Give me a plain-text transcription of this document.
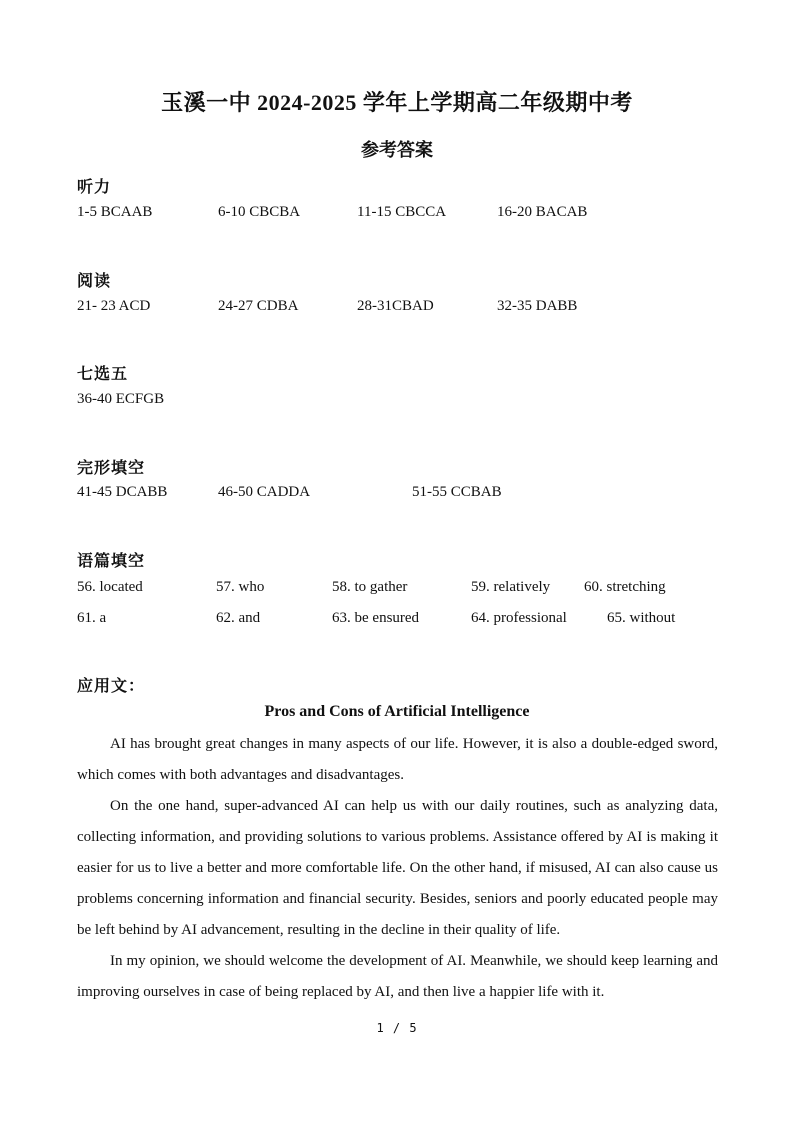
玉溪一中 2024-2025 学年上学期高二年级期中考
参考答案
听力
1-5 BCAAB	6-10 CBCBA	11-15 CBCCA	16-20 BACAB
阅读
21- 23 ACD	24-27 CDBA	28-31CBAD	32-35 DABB
七选五
36-40 ECFGB
完形填空
41-45 DCABB	46-50 CADDA	51-55 CCBAB
语篇填空
56. located	57. who	58. to gather	59. relatively 60. stretching
61. a	62. and	63. be ensured	64. professional	65. without
应用文：
Pros and Cons of Artificial Intelligence

AI has brought great changes in many aspects of our life. However, it is also a double-edged sword, which comes with both advantages and disadvantages.

On the one hand, super-advanced AI can help us with our daily routines, such as analyzing data, collecting information, and providing solutions to various problems. Assistance offered by AI is making it easier for us to live a better and more comfortable life. On the other hand, if misused, AI can also cause us problems concerning information and financial security. Besides, seniors and poorly educated people may be left behind by AI advancement, resulting in the decline in their quality of life.

In my opinion, we should welcome the development of AI. Meanwhile, we should keep learning and improving ourselves in case of being replaced by AI, and then live a happier life with it.

1 / 5
